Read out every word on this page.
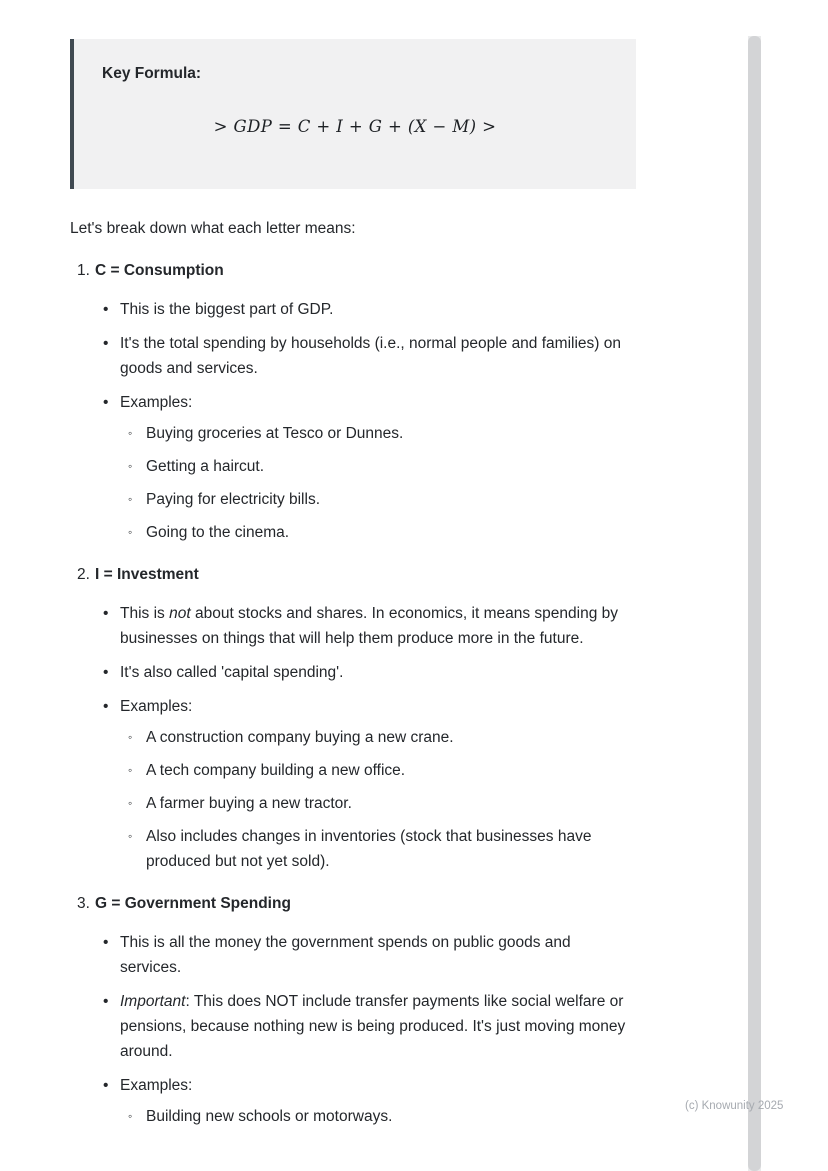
Key Formula:

> GDP = C + I + G + (X − M) >

Let's break down what each letter means:

1. C = Consumption
• This is the biggest part of GDP.
• It's the total spending by households (i.e., normal people and families) on goods and services.
• Examples:
◦ Buying groceries at Tesco or Dunnes.
◦ Getting a haircut.
◦ Paying for electricity bills.
◦ Going to the cinema.
2. I = Investment
• This is not about stocks and shares. In economics, it means spending by businesses on things that will help them produce more in the future.
• It's also called 'capital spending'.
• Examples:
◦ A construction company buying a new crane.
◦ A tech company building a new office.
◦ A farmer buying a new tractor.
◦ Also includes changes in inventories (stock that businesses have produced but not yet sold).
3. G = Government Spending
• This is all the money the government spends on public goods and services.
• Important: This does NOT include transfer payments like social welfare or pensions, because nothing new is being produced. It's just moving money around.
• Examples:
◦ Building new schools or motorways.
(c) Knowunity 2025
